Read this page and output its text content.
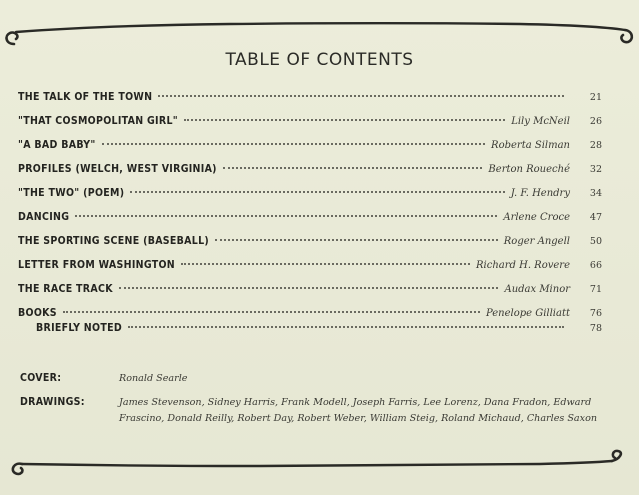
TABLE OF CONTENTS
THE TALK OF THE TOWN	21
"THAT COSMOPOLITAN GIRL"	Lily McNeil 26
"A BAD BABY"	Roberta Silman 28
PROFILES (WELCH, WEST VIRGINIA)	Berton Roueché 32
"THE TWO" (POEM)	J. F. Hendry 34
DANCING	Arlene Croce 47
THE SPORTING SCENE (BASEBALL)	Roger Angell 50
LETTER FROM WASHINGTON	Richard H. Rovere 66
THE RACE TRACK	Audax Minor 71
BOOKS	Penelope Gilliatt 76
BRIEFLY NOTED	78
COVER:	Ronald Searle
DRAWINGS:	James Stevenson, Sidney Harris, Frank Modell, Joseph Farris, Lee Lorenz, Dana Fradon, Edward Frascino, Donald Reilly, Robert Day, Robert Weber, William Steig, Roland Michaud, Charles Saxon
